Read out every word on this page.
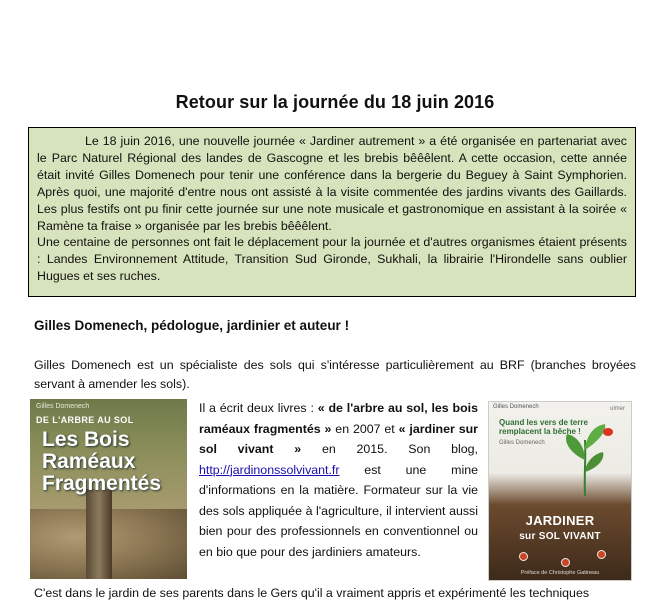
Retour sur la journée du 18 juin 2016

Le 18 juin 2016, une nouvelle journée « Jardiner autrement » a été organisée en partenariat avec le Parc Naturel Régional des landes de Gascogne et les brebis bêêêlent. A cette occasion, cette année était invité Gilles Domenech pour tenir une conférence dans la bergerie du Beguey à Saint Symphorien. Après quoi, une majorité d'entre nous ont assisté à la visite commentée des jardins vivants des Gaillards. Les plus festifs ont pu finir cette journée sur une note musicale et gastronomique en assistant à la soirée « Ramène ta fraise » organisée par les brebis bêêêlent.

Une centaine de personnes ont fait le déplacement pour la journée et d'autres organismes étaient présents : Landes Environnement Attitude, Transition Sud Gironde, Sukhali, la librairie l'Hirondelle sans oublier Hugues et ses ruches.

Gilles Domenech, pédologue, jardinier et auteur !

Gilles Domenech est un spécialiste des sols qui s'intéresse particulièrement au BRF (branches broyées servant à amender les sols).

Gilles Domenech
DE L'ARBRE AU SOL
Les Bois
Raméaux
Fragmentés

Il a écrit deux livres : « de l'arbre au sol, les bois raméaux fragmentés » en 2007 et « jardiner sur sol vivant » en 2015. Son blog, http://jardinonssolvivant.fr est une mine d'informations en la matière. Formateur sur la vie des sols appliquée à l'agriculture, il intervient aussi bien pour des professionnels en conventionnel ou en bio que pour des jardiniers amateurs.

Gilles Domenech	ulmer
Quand les vers de terre remplacent la bêche !
Gilles Domenech
JARDINER
sur SOL VIVANT
Préface de Christophe Gatineau

C'est dans le jardin de ses parents dans le Gers qu'il a vraiment appris et expérimenté les techniques
